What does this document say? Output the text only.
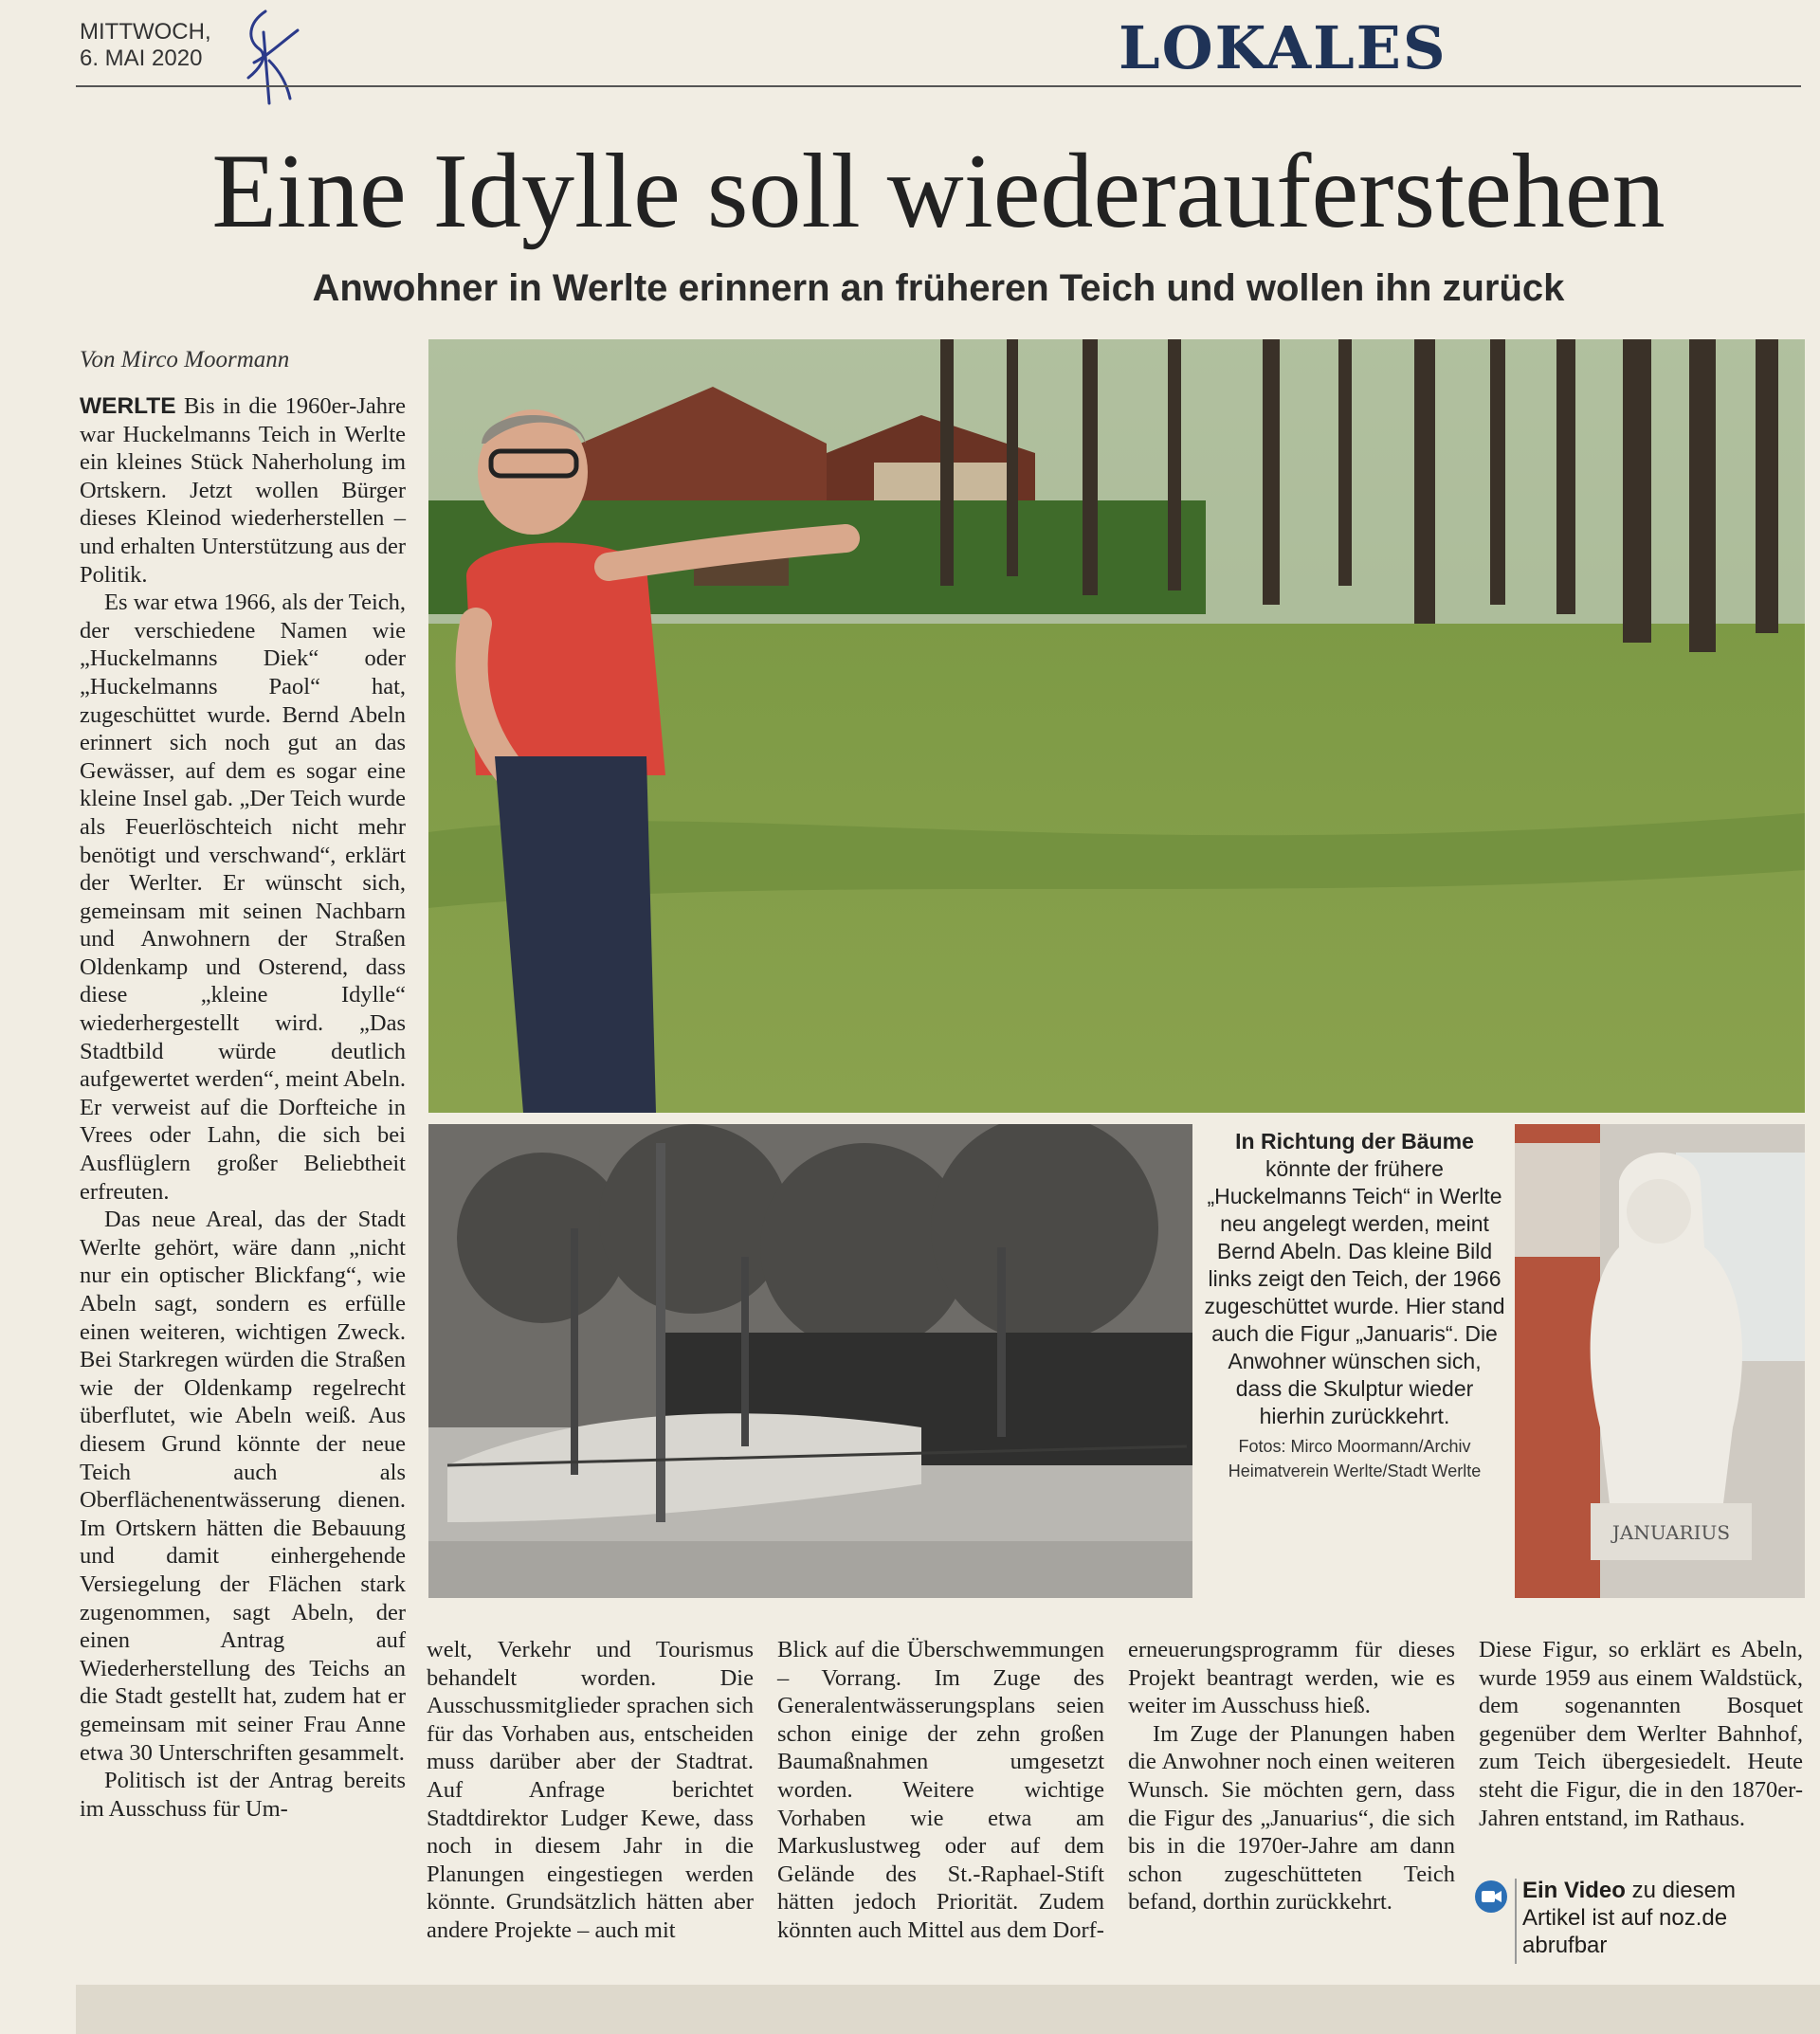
MITTWOCH,
6. MAI 2020	LOKALES
Eine Idylle soll wiederauferstehen
Anwohner in Werlte erinnern an früheren Teich und wollen ihn zurück
Von Mirco Moormann

WERLTE Bis in die 1960er-Jahre war Huckelmanns Teich in Werlte ein kleines Stück Naherholung im Ortskern. Jetzt wollen Bürger dieses Kleinod wiederherstellen – und erhalten Unterstützung aus der Politik.

Es war etwa 1966, als der Teich, der verschiedene Namen wie „Huckelmanns Diek“ oder „Huckelmanns Paol“ hat, zugeschüttet wurde. Bernd Abeln erinnert sich noch gut an das Gewässer, auf dem es sogar eine kleine Insel gab. „Der Teich wurde als Feuerlöschteich nicht mehr benötigt und verschwand“, erklärt der Werlter. Er wünscht sich, gemeinsam mit seinen Nachbarn und Anwohnern der Straßen Oldenkamp und Osterend, dass diese „kleine Idylle“ wiederhergestellt wird. „Das Stadtbild würde deutlich aufgewertet werden“, meint Abeln. Er verweist auf die Dorfteiche in Vrees oder Lahn, die sich bei Ausflüglern großer Beliebtheit erfreuten.

Das neue Areal, das der Stadt Werlte gehört, wäre dann „nicht nur ein optischer Blickfang“, wie Abeln sagt, sondern es erfülle einen weiteren, wichtigen Zweck. Bei Starkregen würden die Straßen wie der Oldenkamp regelrecht überflutet, wie Abeln weiß. Aus diesem Grund könnte der neue Teich auch als Oberflächenentwässerung dienen. Im Ortskern hätten die Bebauung und damit einhergehende Versiegelung der Flächen stark zugenommen, sagt Abeln, der einen Antrag auf Wiederherstellung des Teichs an die Stadt gestellt hat, zudem hat er gemeinsam mit seiner Frau Anne etwa 30 Unterschriften gesammelt.

Politisch ist der Antrag bereits im Ausschuss für Um-

In Richtung der Bäume könnte der frühere „Huckelmanns Teich“ in Werlte neu angelegt werden, meint Bernd Abeln. Das kleine Bild links zeigt den Teich, der 1966 zugeschüttet wurde. Hier stand auch die Figur „Januaris“. Die Anwohner wünschen sich, dass die Skulptur wieder hierhin zurückkehrt.
Fotos: Mirco Moormann/Archiv
Heimatverein Werlte/Stadt Werlte
JANUARIUS

welt, Verkehr und Tourismus behandelt worden. Die Ausschussmitglieder sprachen sich für das Vorhaben aus, entscheiden muss darüber aber der Stadtrat. Auf Anfrage berichtet Stadtdirektor Ludger Kewe, dass noch in diesem Jahr in die Planungen eingestiegen werden könnte. Grundsätzlich hätten aber andere Projekte – auch mit

Blick auf die Überschwemmungen – Vorrang. Im Zuge des Generalentwässerungsplans seien schon einige der zehn großen Baumaßnahmen umgesetzt worden. Weitere wichtige Vorhaben wie etwa am Markuslustweg oder auf dem Gelände des St.-Raphael-Stift hätten jedoch Priorität. Zudem könnten auch Mittel aus dem Dorf-

erneuerungsprogramm für dieses Projekt beantragt werden, wie es weiter im Ausschuss hieß.

Im Zuge der Planungen haben die Anwohner noch einen weiteren Wunsch. Sie möchten gern, dass die Figur des „Januarius“, die sich bis in die 1970er-Jahre am dann schon zugeschütteten Teich befand, dorthin zurückkehrt.

Diese Figur, so erklärt es Abeln, wurde 1959 aus einem Waldstück, dem sogenannten Bosquet gegenüber dem Werlter Bahnhof, zum Teich übergesiedelt. Heute steht die Figur, die in den 1870er-Jahren entstand, im Rathaus.

Ein Video zu diesem Artikel ist auf noz.de abrufbar
